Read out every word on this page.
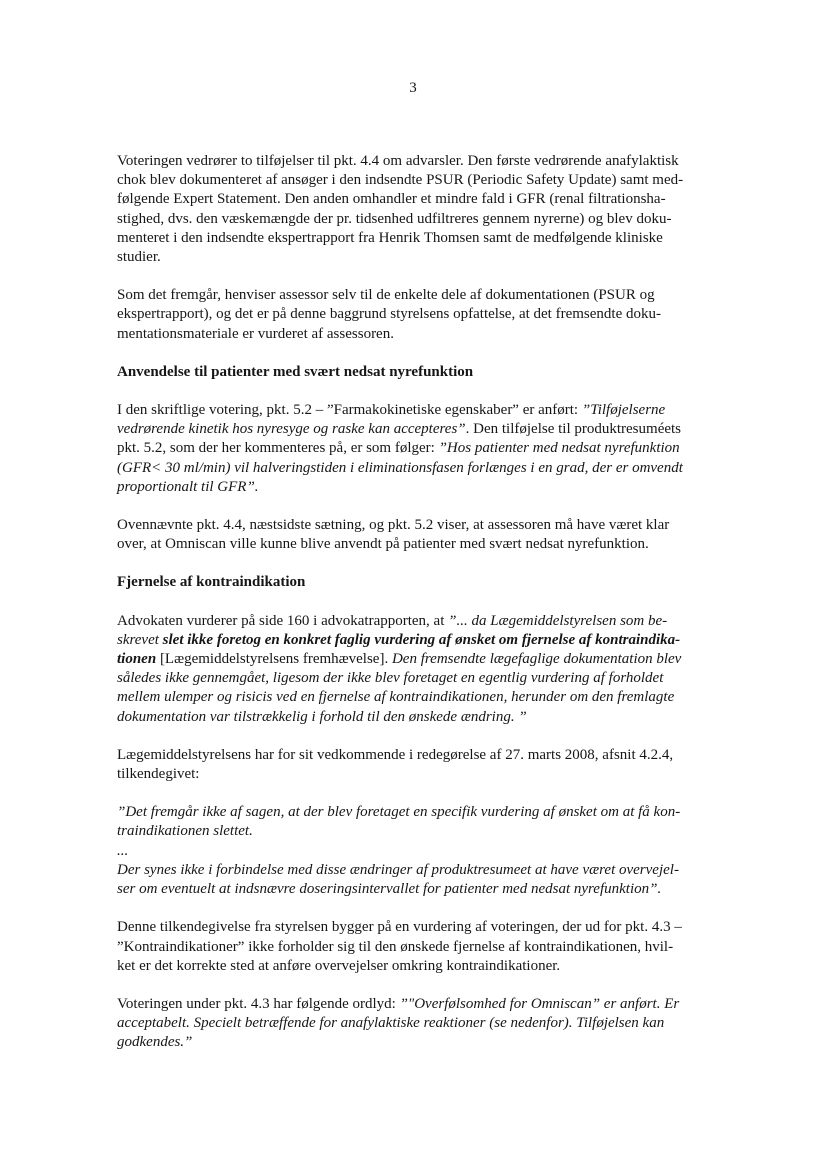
3

Voteringen vedrører to tilføjelser til pkt. 4.4 om advarsler. Den første vedrørende anafylaktisk
chok blev dokumenteret af ansøger i den indsendte PSUR (Periodic Safety Update) samt med-
følgende Expert Statement. Den anden omhandler et mindre fald i GFR (renal filtrationsha-
stighed, dvs. den væskemængde der pr. tidsenhed udfiltreres gennem nyrerne) og blev doku-
menteret i den indsendte ekspertrapport fra Henrik Thomsen samt de medfølgende kliniske
studier.

Som det fremgår, henviser assessor selv til de enkelte dele af dokumentationen (PSUR og
ekspertrapport), og det er på denne baggrund styrelsens opfattelse, at det fremsendte doku-
mentationsmateriale er vurderet af assessoren.

Anvendelse til patienter med svært nedsat nyrefunktion

I den skriftlige votering, pkt. 5.2 – ”Farmakokinetiske egenskaber” er anført: ”Tilføjelserne
vedrørende kinetik hos nyresyge og raske kan accepteres”. Den tilføjelse til produktresuméets
pkt. 5.2, som der her kommenteres på, er som følger: ”Hos patienter med nedsat nyrefunktion
(GFR< 30 ml/min) vil halveringstiden i eliminationsfasen forlænges i en grad, der er omvendt
proportionalt til GFR”.

Ovennævnte pkt. 4.4, næstsidste sætning, og pkt. 5.2 viser, at assessoren må have været klar
over, at Omniscan ville kunne blive anvendt på patienter med svært nedsat nyrefunktion.

Fjernelse af kontraindikation

Advokaten vurderer på side 160 i advokatrapporten, at ”... da Lægemiddelstyrelsen som be-
skrevet slet ikke foretog en konkret faglig vurdering af ønsket om fjernelse af kontraindika-
tionen [Lægemiddelstyrelsens fremhævelse]. Den fremsendte lægefaglige dokumentation blev
således ikke gennemgået, ligesom der ikke blev foretaget en egentlig vurdering af forholdet
mellem ulemper og risicis ved en fjernelse af kontraindikationen, herunder om den fremlagte
dokumentation var tilstrækkelig i forhold til den ønskede ændring. ”

Lægemiddelstyrelsens har for sit vedkommende i redegørelse af 27. marts 2008, afsnit 4.2.4,
tilkendegivet:

”Det fremgår ikke af sagen, at der blev foretaget en specifik vurdering af ønsket om at få kon-
traindikationen slettet.
...
Der synes ikke i forbindelse med disse ændringer af produktresumeet at have været overvejel-
ser om eventuelt at indsnævre doseringsintervallet for patienter med nedsat nyrefunktion”.

Denne tilkendegivelse fra styrelsen bygger på en vurdering af voteringen, der ud for pkt. 4.3 –
”Kontraindikationer” ikke forholder sig til den ønskede fjernelse af kontraindikationen, hvil-
ket er det korrekte sted at anføre overvejelser omkring kontraindikationer.

Voteringen under pkt. 4.3 har følgende ordlyd: ”"Overfølsomhed for Omniscan” er anført. Er
acceptabelt. Specielt betræffende for anafylaktiske reaktioner (se nedenfor). Tilføjelsen kan
godkendes.”
